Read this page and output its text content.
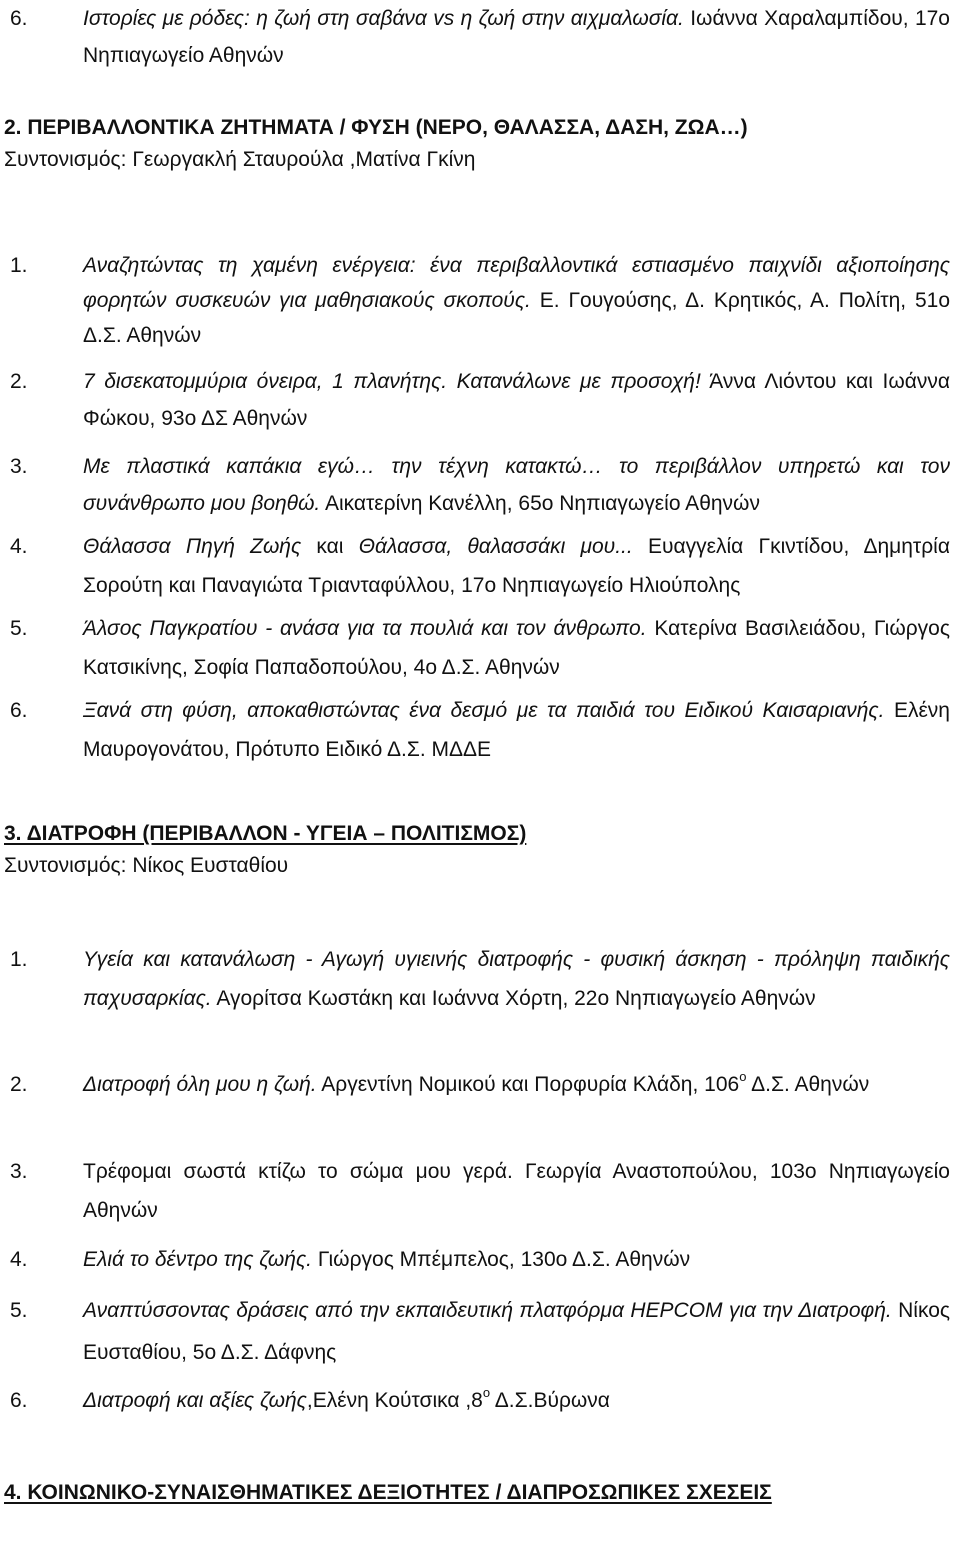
6.	Ιστορίες με ρόδες: η ζωή στη σαβάνα vs η ζωή στην αιχμαλωσία. Ιωάννα Χαραλαμπίδου, 17ο Νηπιαγωγείο Αθηνών
2. ΠΕΡΙΒΑΛΛΟΝΤΙΚΑ ΖΗΤΗΜΑΤΑ / ΦΥΣΗ (ΝΕΡΟ, ΘΑΛΑΣΣΑ, ΔΑΣΗ, ΖΩΑ…)
Συντονισμός: Γεωργακλή Σταυρούλα ,Ματίνα Γκίνη
1.	Αναζητώντας τη χαμένη ενέργεια: ένα περιβαλλοντικά εστιασμένο παιχνίδι αξιοποίησης φορητών συσκευών για μαθησιακούς σκοπούς. Ε. Γουγούσης, Δ. Κρητικός, Α. Πολίτη, 51ο Δ.Σ. Αθηνών
2.	7 δισεκατομμύρια όνειρα, 1 πλανήτης. Κατανάλωνε με προσοχή! Άννα Λιόντου και Ιωάννα Φώκου, 93ο ΔΣ Αθηνών
3.	Με πλαστικά καπάκια εγώ… την τέχνη κατακτώ… το περιβάλλον υπηρετώ και τον συνάνθρωπο μου βοηθώ. Αικατερίνη Κανέλλη, 65ο Νηπιαγωγείο Αθηνών
4.	Θάλασσα Πηγή Ζωής και Θάλασσα, θαλασσάκι μου... Ευαγγελία Γκιντίδου, Δημητρία Σορούτη και Παναγιώτα Τριανταφύλλου, 17ο Νηπιαγωγείο Ηλιούπολης
5.	Άλσος Παγκρατίου - ανάσα για τα πουλιά και τον άνθρωπο. Κατερίνα Βασιλειάδου, Γιώργος Κατσικίνης, Σοφία Παπαδοπούλου, 4ο Δ.Σ. Αθηνών
6.	Ξανά στη φύση, αποκαθιστώντας ένα δεσμό με τα παιδιά του Ειδικού Καισαριανής. Ελένη Μαυρογονάτου, Πρότυπο Ειδικό Δ.Σ. ΜΔΔΕ
3. ΔΙΑΤΡΟΦΗ (ΠΕΡΙΒΑΛΛΟΝ - ΥΓΕΙΑ – ΠΟΛΙΤΙΣΜΟΣ)
Συντονισμός: Νίκος Ευσταθίου
1.	Υγεία και κατανάλωση - Αγωγή υγιεινής διατροφής - φυσική άσκηση - πρόληψη παιδικής παχυσαρκίας. Αγορίτσα Κωστάκη και Ιωάννα Χόρτη, 22ο Νηπιαγωγείο Αθηνών
2.	Διατροφή όλη μου η ζωή. Αργεντίνη Νομικού και Πορφυρία Κλάδη, $106^o$ Δ.Σ. Αθηνών
3.	Τρέφομαι σωστά κτίζω το σώμα μου γερά. Γεωργία Αναστοπούλου, 103ο Νηπιαγωγείο Αθηνών
4.	Ελιά το δέντρο της ζωής. Γιώργος Μπέμπελος, 130ο Δ.Σ. Αθηνών
5.	Αναπτύσσοντας δράσεις από την εκπαιδευτική πλατφόρμα HEPCOM για την Διατροφή. Νίκος Ευσταθίου, 5ο Δ.Σ. Δάφνης
6.	Διατροφή και αξίες ζωής,Ελένη Κούτσικα $,8^o$ Δ.Σ.Βύρωνα
4. ΚΟΙΝΩΝΙΚΟ-ΣΥΝΑΙΣΘΗΜΑΤΙΚΕΣ ΔΕΞΙΟΤΗΤΕΣ / ΔΙΑΠΡΟΣΩΠΙΚΕΣ ΣΧΕΣΕΙΣ
